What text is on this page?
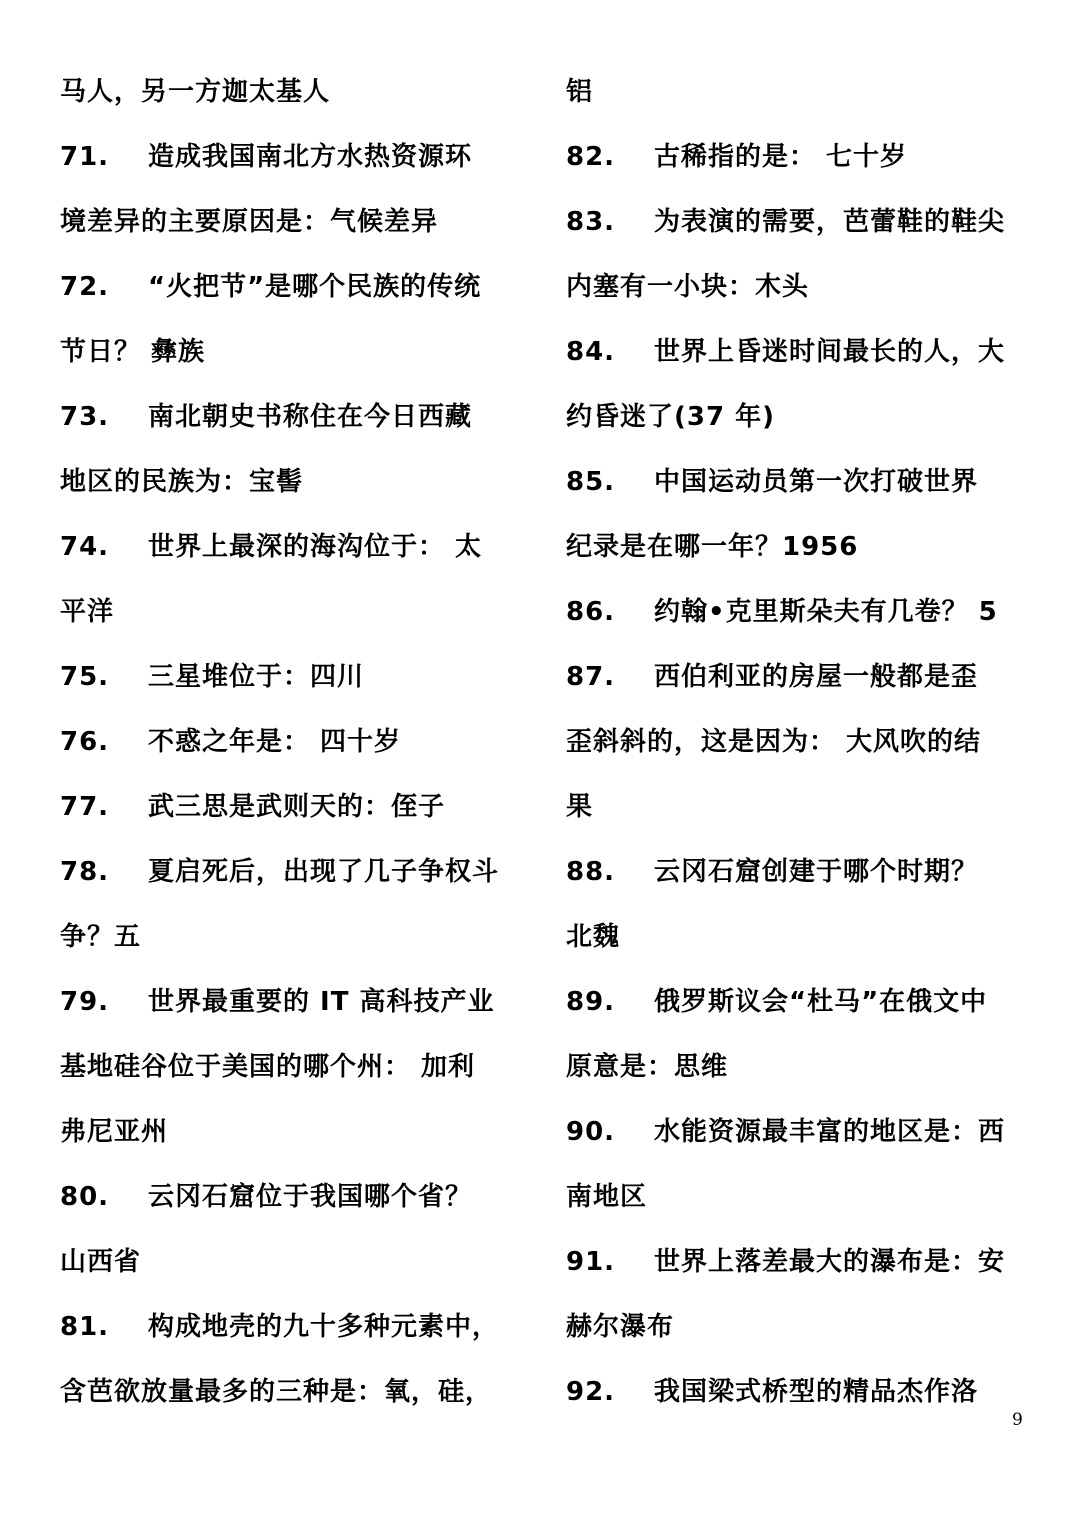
马人，另一方迦太基人
71. 造成我国南北方水热资源环
境差异的主要原因是：气候差异
72. “火把节”是哪个民族的传统
节日？ 彝族
73. 南北朝史书称住在今日西藏
地区的民族为：宝髻
74. 世界上最深的海沟位于： 太
平洋
75. 三星堆位于：四川
76. 不惑之年是： 四十岁
77. 武三思是武则天的：侄子
78. 夏启死后，出现了几子争权斗
争？五
79. 世界最重要的 IT 高科技产业
基地硅谷位于美国的哪个州： 加利
弗尼亚州
80. 云冈石窟位于我国哪个省？
山西省
81. 构成地壳的九十多种元素中，
含芭欲放量最多的三种是：氧，硅，
铝
82. 古稀指的是： 七十岁
83. 为表演的需要，芭蕾鞋的鞋尖
内塞有一小块：木头
84. 世界上昏迷时间最长的人，大
约昏迷了(37 年)
85. 中国运动员第一次打破世界
纪录是在哪一年？1956
86. 约翰•克里斯朵夫有几卷？ 5
87. 西伯利亚的房屋一般都是歪
歪斜斜的，这是因为： 大风吹的结
果
88. 云冈石窟创建于哪个时期？
北魏
89. 俄罗斯议会“杜马”在俄文中
原意是：思维
90. 水能资源最丰富的地区是：西
南地区
91. 世界上落差最大的瀑布是：安
赫尔瀑布
92. 我国梁式桥型的精品杰作洛
9
